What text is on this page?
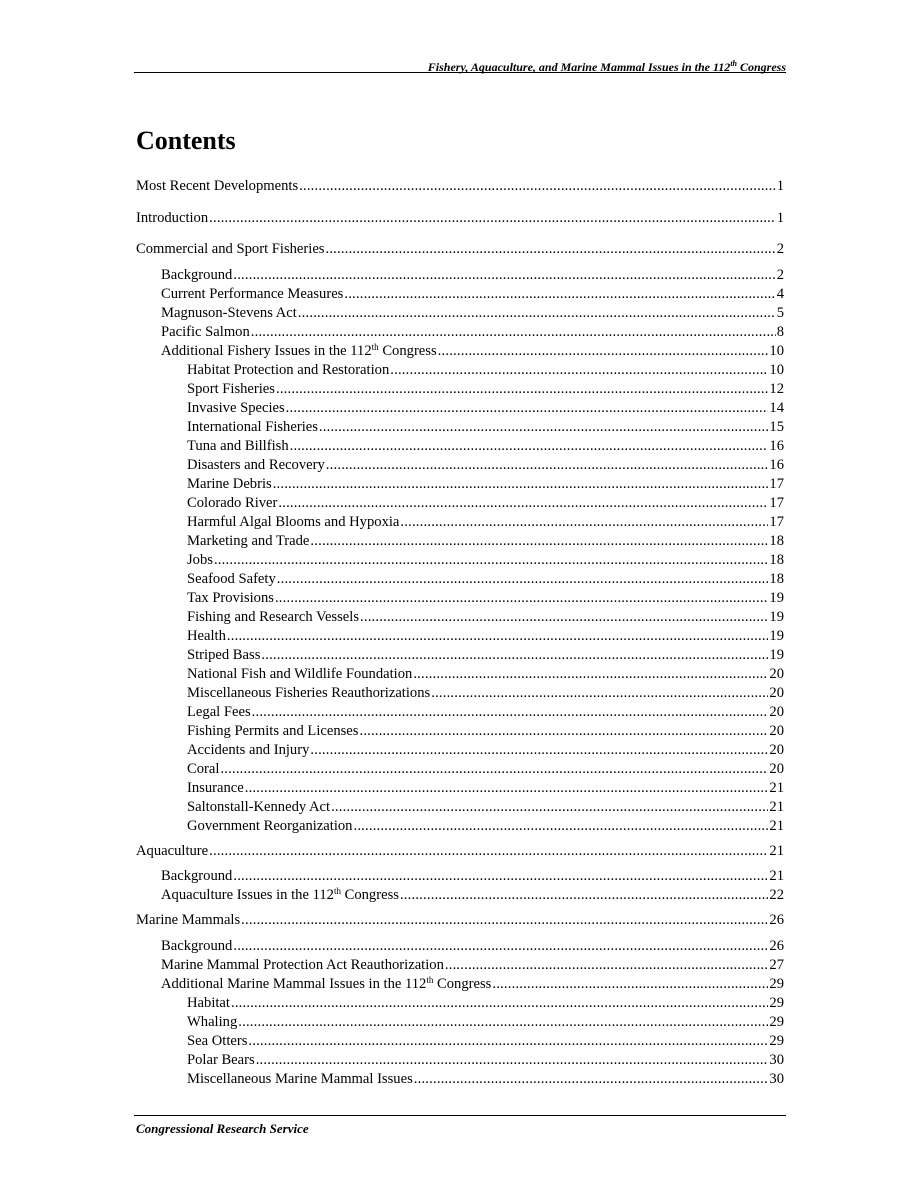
Fishery, Aquaculture, and Marine Mammal Issues in the 112th Congress
Contents
Most Recent Developments .....	1
Introduction .....	1
Commercial and Sport Fisheries .....	2
Background .....	2
Current Performance Measures .....	4
Magnuson-Stevens Act .....	5
Pacific Salmon .....	8
Additional Fishery Issues in the 112th Congress .....	10
Habitat Protection and Restoration .....	10
Sport Fisheries .....	12
Invasive Species .....	14
International Fisheries .....	15
Tuna and Billfish .....	16
Disasters and Recovery .....	16
Marine Debris .....	17
Colorado River .....	17
Harmful Algal Blooms and Hypoxia .....	17
Marketing and Trade .....	18
Jobs .....	18
Seafood Safety .....	18
Tax Provisions .....	19
Fishing and Research Vessels .....	19
Health .....	19
Striped Bass .....	19
National Fish and Wildlife Foundation .....	20
Miscellaneous Fisheries Reauthorizations .....	20
Legal Fees .....	20
Fishing Permits and Licenses .....	20
Accidents and Injury .....	20
Coral .....	20
Insurance .....	21
Saltonstall-Kennedy Act .....	21
Government Reorganization .....	21
Aquaculture .....	21
Background .....	21
Aquaculture Issues in the 112th Congress .....	22
Marine Mammals .....	26
Background .....	26
Marine Mammal Protection Act Reauthorization .....	27
Additional Marine Mammal Issues in the 112th Congress .....	29
Habitat .....	29
Whaling .....	29
Sea Otters .....	29
Polar Bears .....	30
Miscellaneous Marine Mammal Issues .....	30
Congressional Research Service
